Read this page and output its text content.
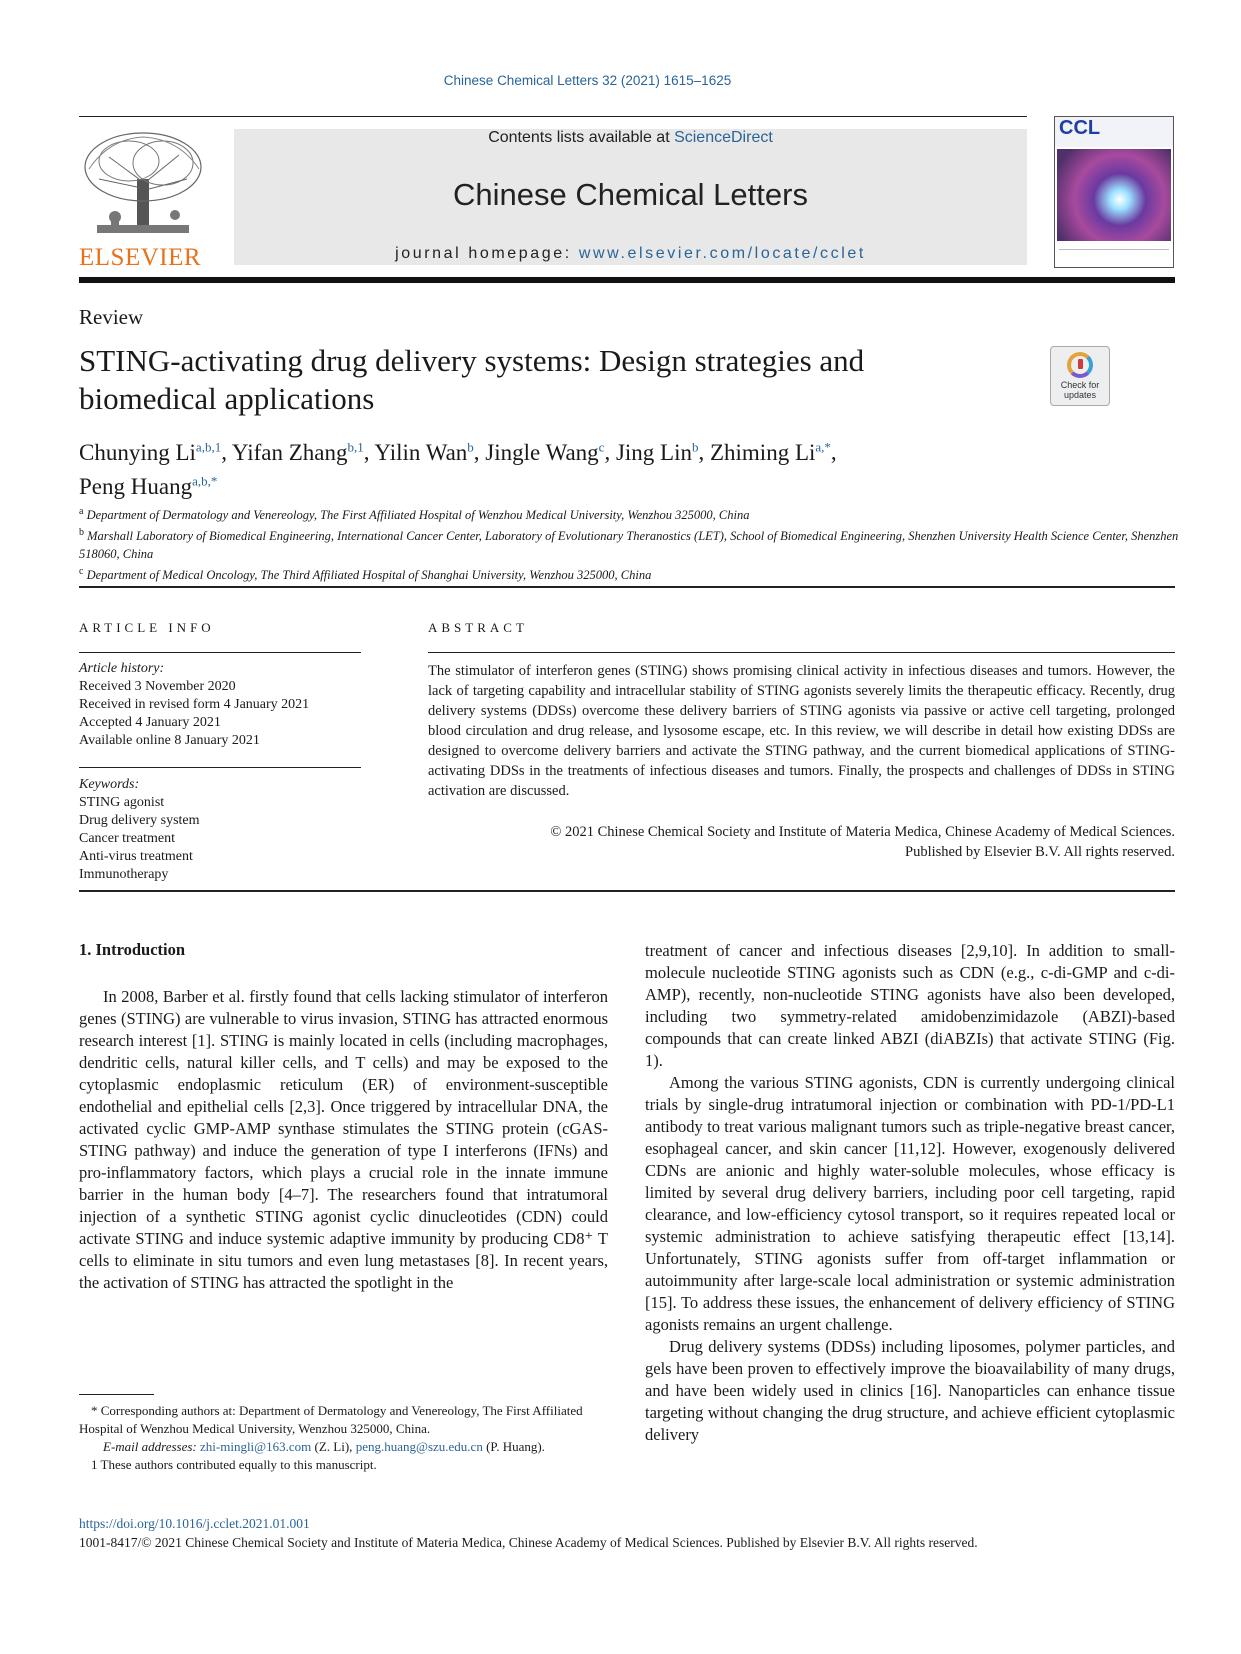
Chinese Chemical Letters 32 (2021) 1615–1625
ELSEVIER
Contents lists available at ScienceDirect
Chinese Chemical Letters
journal homepage: www.elsevier.com/locate/cclet
CCL
Review
STING-activating drug delivery systems: Design strategies and biomedical applications	Check for updates
Chunying Li$^{a,b,1}$, Yifan Zhang$^{b,1}$, Yilin Wan$^b$, Jingle Wang$^c$, Jing Lin$^b$, Zhiming $Li^{a,*}$,
Peng Huang$^{a,b,*}$
$^a$ Department of Dermatology and Venereology, The First Affiliated Hospital of Wenzhou Medical University, Wenzhou 325000, China
$^b$ Marshall Laboratory of Biomedical Engineering, International Cancer Center, Laboratory of Evolutionary Theranostics (LET), School of Biomedical Engineering, Shenzhen University Health Science Center, Shenzhen 518060, China
$^c$ Department of Medical Oncology, The Third Affiliated Hospital of Shanghai University, Wenzhou 325000, China
ARTICLE INFO
Article history:
Received 3 November 2020
Received in revised form 4 January 2021
Accepted 4 January 2021
Available online 8 January 2021
Keywords:
STING agonist
Drug delivery system
Cancer treatment
Anti-virus treatment
Immunotherapy
ABSTRACT
The stimulator of interferon genes (STING) shows promising clinical activity in infectious diseases and tumors. However, the lack of targeting capability and intracellular stability of STING agonists severely limits the therapeutic efficacy. Recently, drug delivery systems (DDSs) overcome these delivery barriers of STING agonists via passive or active cell targeting, prolonged blood circulation and drug release, and lysosome escape, etc. In this review, we will describe in detail how existing DDSs are designed to overcome delivery barriers and activate the STING pathway, and the current biomedical applications of STING-activating DDSs in the treatments of infectious diseases and tumors. Finally, the prospects and challenges of DDSs in STING activation are discussed.
© 2021 Chinese Chemical Society and Institute of Materia Medica, Chinese Academy of Medical Sciences.
Published by Elsevier B.V. All rights reserved.
1. Introduction

In 2008, Barber et al. firstly found that cells lacking stimulator of interferon genes (STING) are vulnerable to virus invasion, STING has attracted enormous research interest [1]. STING is mainly located in cells (including macrophages, dendritic cells, natural killer cells, and T cells) and may be exposed to the cytoplasmic endoplasmic reticulum (ER) of environment-susceptible endothelial and epithelial cells [2,3]. Once triggered by intracellular DNA, the activated cyclic GMP-AMP synthase stimulates the STING protein (cGAS-STING pathway) and induce the generation of type I interferons (IFNs) and pro-inflammatory factors, which plays a crucial role in the innate immune barrier in the human body [4–7]. The researchers found that intratumoral injection of a synthetic STING agonist cyclic dinucleotides (CDN) could activate STING and induce systemic adaptive immunity by producing CD8⁺ T cells to eliminate in situ tumors and even lung metastases [8]. In recent years, the activation of STING has attracted the spotlight in the

treatment of cancer and infectious diseases [2,9,10]. In addition to small-molecule nucleotide STING agonists such as CDN (e.g., c-di-GMP and c-di-AMP), recently, non-nucleotide STING agonists have also been developed, including two symmetry-related amidobenzimidazole (ABZI)-based compounds that can create linked ABZI (diABZIs) that activate STING (Fig. 1).

Among the various STING agonists, CDN is currently undergoing clinical trials by single-drug intratumoral injection or combination with PD-1/PD-L1 antibody to treat various malignant tumors such as triple-negative breast cancer, esophageal cancer, and skin cancer [11,12]. However, exogenously delivered CDNs are anionic and highly water-soluble molecules, whose efficacy is limited by several drug delivery barriers, including poor cell targeting, rapid clearance, and low-efficiency cytosol transport, so it requires repeated local or systemic administration to achieve satisfying therapeutic effect [13,14]. Unfortunately, STING agonists suffer from off-target inflammation or autoimmunity after large-scale local administration or systemic administration [15]. To address these issues, the enhancement of delivery efficiency of STING agonists remains an urgent challenge.

Drug delivery systems (DDSs) including liposomes, polymer particles, and gels have been proven to effectively improve the bioavailability of many drugs, and have been widely used in clinics [16]. Nanoparticles can enhance tissue targeting without changing the drug structure, and achieve efficient cytoplasmic delivery

* Corresponding authors at: Department of Dermatology and Venereology, The First Affiliated Hospital of Wenzhou Medical University, Wenzhou 325000, China.

E-mail addresses: zhi-mingli@163.com (Z. Li), peng.huang@szu.edu.cn (P. Huang).

1 These authors contributed equally to this manuscript.

https://doi.org/10.1016/j.cclet.2021.01.001
1001-8417/© 2021 Chinese Chemical Society and Institute of Materia Medica, Chinese Academy of Medical Sciences. Published by Elsevier B.V. All rights reserved.
